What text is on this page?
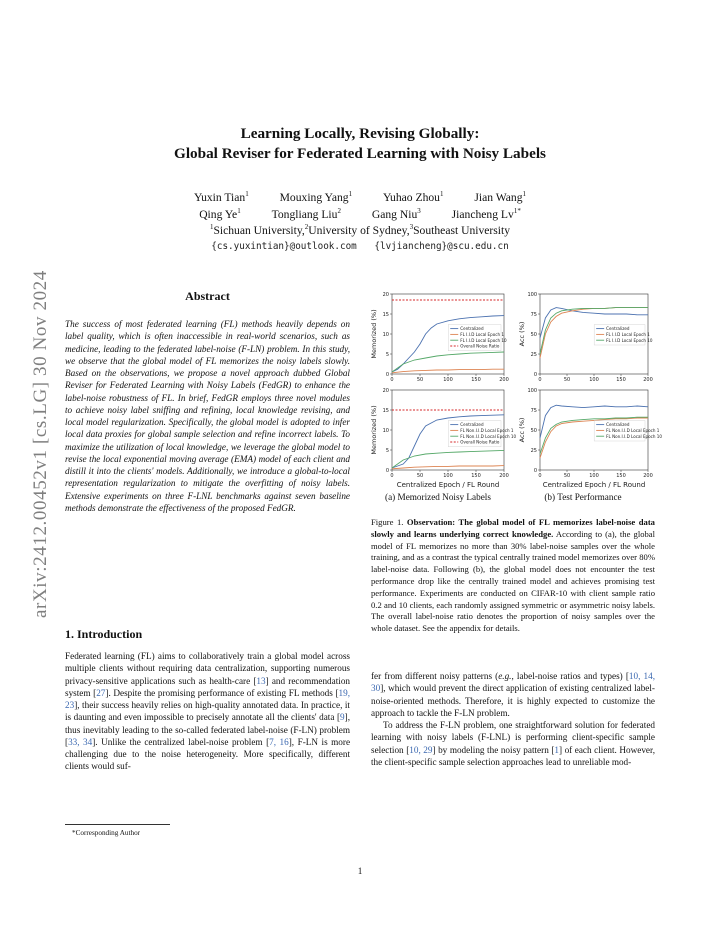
arXiv:2412.00452v1 [cs.LG] 30 Nov 2024
Learning Locally, Revising Globally:
Global Reviser for Federated Learning with Noisy Labels
Yuxin Tian$^1$	Mouxing Yang$^1$	Yuhao Zhou$^1$	Jian Wang$^1$
Qing Ye$^1$	Tongliang Liu$^2$	Gang Niu$^3$	Jiancheng $Lv^{1*}$
$^1$Sichuan University,$^2$University of Sydney,$^3$Southeast University
{cs.yuxintian}@outlook.com {lvjiancheng}@scu.edu.cn
Abstract
The success of most federated learning (FL) methods heavily depends on label quality, which is often inaccessible in real-world scenarios, such as medicine, leading to the federated label-noise (F-LN) problem. In this study, we observe that the global model of FL memorizes the noisy labels slowly. Based on the observations, we propose a novel approach dubbed Global Reviser for Federated Learning with Noisy Labels (FedGR) to enhance the label-noise robustness of FL. In brief, FedGR employs three novel modules to achieve noisy label sniffing and refining, local knowledge revising, and local model regularization. Specifically, the global model is adopted to infer local data proxies for global sample selection and refine incorrect labels. To maximize the utilization of local knowledge, we leverage the global model to revise the local exponential moving average (EMA) model of each client and distill it into the clients' models. Additionally, we introduce a global-to-local representation regularization to mitigate the overfitting of noisy labels. Extensive experiments on three F-LNL benchmarks against seven baseline methods demonstrate the effectiveness of the proposed FedGR.
1. Introduction
Federated learning (FL) aims to collaboratively train a global model across multiple clients without requiring data centralization, supporting numerous privacy-sensitive applications such as health-care [13] and recommendation system [27]. Despite the promising performance of existing FL methods [19, 23], their success heavily relies on high-quality annotated data. In practice, it is daunting and even impossible to precisely annotate all the clients' data [9], thus inevitably leading to the so-called federated label-noise (F-LN) problem [33, 34]. Unlike the centralized label-noise problem [7, 16], F-LN is more challenging due to the noise heterogeneity. More specifically, different clients would suf-
*Corresponding Author
1
0
5
10
15
20
0	50	100	150	200
Memorized (%)	Centralized
FL I.I.D Local Epoch 1
FL I.I.D Local Epoch 10
Overall Noise Ratio
0
25
50
75
100
0	50	100	150	200
Acc (%)	Centralized
FL I.I.D Local Epoch 1
FL I.I.D Local Epoch 10
0
5
10
15
20
0	50	100	150	200
Memorized (%)
Centralized Epoch / FL Round
Centralized
FL Non.I.I.D Local Epoch 1
FL Non.I.I.D Local Epoch 10
Overall Noise Ratio
0
25
50
75
100
0	50	100	150	200
Acc (%)
Centralized Epoch / FL Round
Centralized
FL Non.I.I.D Local Epoch 1
FL Non.I.I.D Local Epoch 10
(a) Memorized Noisy Labels	(b) Test Performance
Figure 1. Observation: The global model of FL memorizes label-noise data slowly and learns underlying correct knowledge. According to (a), the global model of FL memorizes no more than 30% label-noise samples over the whole training, and as a contrast the typical centrally trained model memorizes over 80% label-noise data. Following (b), the global model does not encounter the test performance drop like the centrally trained model and achieves promising test performance. Experiments are conducted on CIFAR-10 with client sample ratio 0.2 and 10 clients, each randomly assigned symmetric or asymmetric noisy labels. The overall label-noise ratio denotes the proportion of noisy samples over the whole dataset. See the appendix for details.
fer from different noisy patterns (e.g., label-noise ratios and types) [10, 14, 30], which would prevent the direct application of existing centralized label-noise-oriented methods. Therefore, it is highly expected to customize the approach to tackle the F-LN problem.
To address the F-LN problem, one straightforward solution for federated learning with noisy labels (F-LNL) is performing client-specific sample selection [10, 29] by modeling the noisy pattern [1] of each client. However, the client-specific sample selection approaches lead to unreliable mod-
